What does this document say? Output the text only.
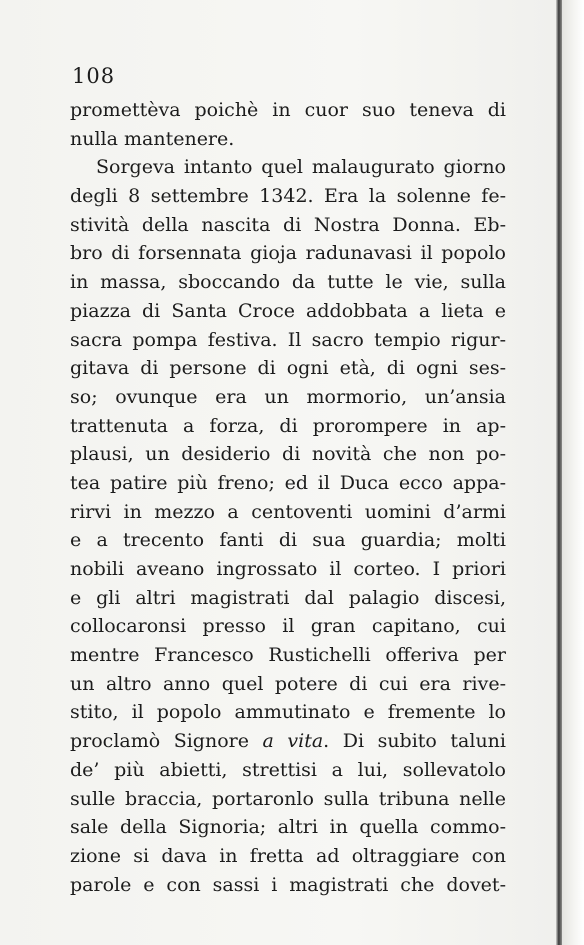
108
promettèva poichè in cuor suo teneva di
nulla mantenere.
Sorgeva intanto quel malaugurato giorno
degli 8 settembre 1342. Era la solenne fe-
stività della nascita di Nostra Donna. Eb-
bro di forsennata gioja radunavasi il popolo
in massa, sboccando da tutte le vie, sulla
piazza di Santa Croce addobbata a lieta e
sacra pompa festiva. Il sacro tempio rigur-
gitava di persone di ogni età, di ogni ses-
so; ovunque era un mormorio, un’ansia
trattenuta a forza, di prorompere in ap-
plausi, un desiderio di novità che non po-
tea patire più freno; ed il Duca ecco appa-
rirvi in mezzo a centoventi uomini d’armi
e a trecento fanti di sua guardia; molti
nobili aveano ingrossato il corteo. I priori
e gli altri magistrati dal palagio discesi,
collocaronsi presso il gran capitano, cui
mentre Francesco Rustichelli offeriva per
un altro anno quel potere di cui era rive-
stito, il popolo ammutinato e fremente lo
proclamò Signore a vita. Di subito taluni
de’ più abietti, strettisi a lui, sollevatolo
sulle braccia, portaronlo sulla tribuna nelle
sale della Signoria; altri in quella commo-
zione si dava in fretta ad oltraggiare con
parole e con sassi i magistrati che dovet-
